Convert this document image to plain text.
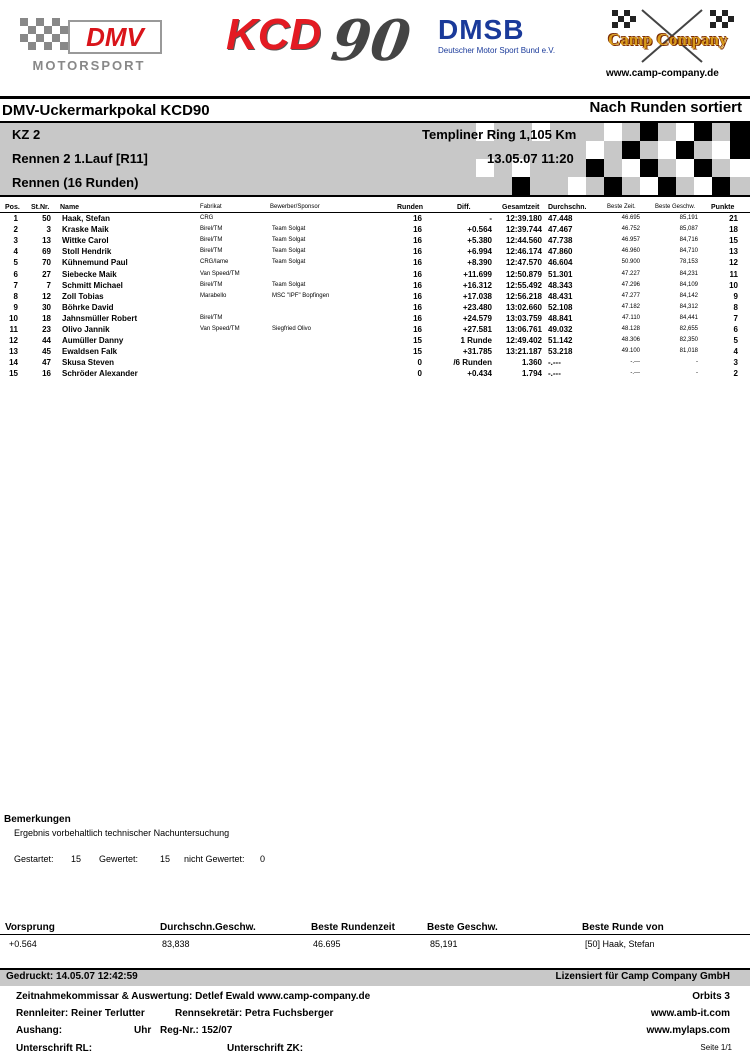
DMV
MOTORSPORT
KCD 90 DMSB
Deutscher Motor Sport Bund e.V.
Camp Company
www.camp-company.de
DMV-Uckermarkpokal KCD90	Nach Runden sortiert
KZ 2	Templiner Ring 1,105 Km
Rennen 2 1.Lauf [R11]	13.05.07 11:20
Rennen (16 Runden)
Pos. St.Nr. Name	Fabrikat	Bewerber/Sponsor	Runden	Diff.	Gesamtzeit Durchschn.	Beste Zeit.	Beste Geschw. Punkte
1	50 Haak, Stefan	CRG	16	-	12:39.180 47.448	46.695	85,191	21
2	3 Kraske Maik	Birel/TM	Team Solgat	16	+0.564	12:39.744 47.467	46.752	85,087	18
3	13 Wittke Carol	Birel/TM	Team Solgat	16	+5.380	12:44.560 47.738	46.957	84,716	15
4	69 Stoll Hendrik	Birel/TM	Team Solgat	16	+6.994	12:46.174 47.860	46.960	84,710	13
5	70 Kühnemund Paul	CRG/Iame	Team Solgat	16	+8.390	12:47.570 46.604	50.900	78,153	12
6	27 Siebecke Maik	Van Speed/TM	16	+11.699	12:50.879 51.301	47.227	84,231	11
7	7 Schmitt Michael	Birel/TM	Team Solgat	16	+16.312	12:55.492 48.343	47.296	84,109	10
8	12 Zoll Tobias	Marabello	MSC "IPF" Bopfingen	16	+17.038	12:56.218 48.431	47.277	84,142	9
9	30 Böhrke David	16	+23.480	13:02.660 52.108	47.182	84,312	8
10	18 Jahnsmüller Robert	Birel/TM	16	+24.579	13:03.759 48.841	47.110	84,441	7
11	23 Olivo Jannik	Van Speed/TM	Siegfried Olivo	16	+27.581	13:06.761 49.032	48.128	82,655	6
12	44 Aumüller Danny	15	1 Runde	12:49.402 51.142	48.306	82,350	5
13	45 Ewaldsen Falk	15	+31.785	13:21.187 53.218	49.100	81,018	4
14	47 Skusa Steven	0	/6 Runden	1.360 -.---	-.---	-	3
15	16 Schröder Alexander	0	+0.434	1.794 -.---	-.---	-	2
Bemerkungen
Ergebnis vorbehaltlich technischer Nachuntersuchung
Gestartet: 15 Gewertet: 15 nicht Gewertet: 0
Vorsprung	Durchschn.Geschw.	Beste Rundenzeit	Beste Geschw.	Beste Runde von
+0.564	83,838	46.695	85,191	[50] Haak, Stefan
Gedruckt: 14.05.07 12:42:59	Lizensiert für Camp Company GmbH
Zeitnahmekommissar & Auswertung: Detlef Ewald www.camp-company.de	Orbits 3
Rennleiter: Reiner Terlutter	Rennsekretär: Petra Fuchsberger	www.amb-it.com
Aushang:	Uhr Reg-Nr.: 152/07	www.mylaps.com
Unterschrift RL:	Unterschrift ZK:	Seite 1/1
